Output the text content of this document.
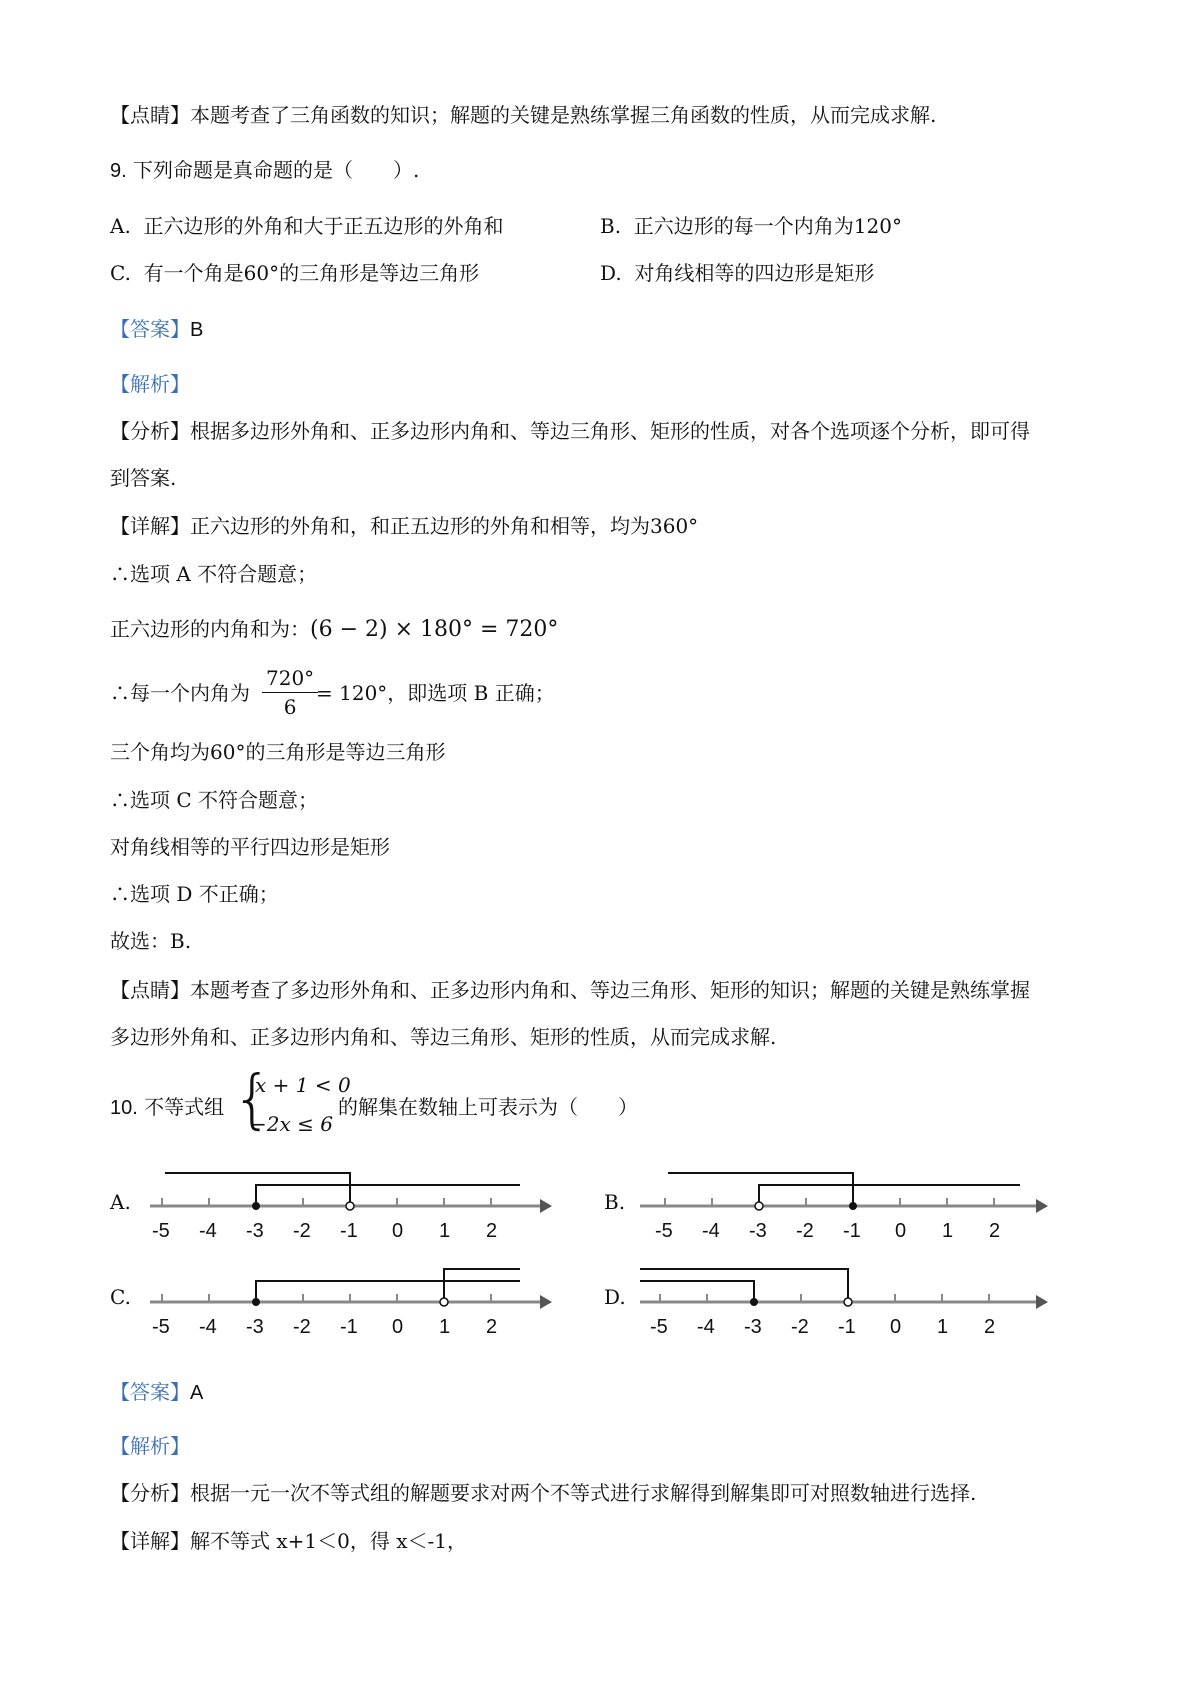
【点睛】本题考查了三角函数的知识；解题的关键是熟练掌握三角函数的性质，从而完成求解.
9. 下列命题是真命题的是（　　）.
A. 正六边形的外角和大于正五边形的外角和	B. 正六边形的每一个内角为120°
C. 有一个角是60°的三角形是等边三角形	D. 对角线相等的四边形是矩形
【答案】B
【解析】
【分析】根据多边形外角和、正多边形内角和、等边三角形、矩形的性质，对各个选项逐个分析，即可得
到答案.
【详解】正六边形的外角和，和正五边形的外角和相等，均为360°
∴选项 A 不符合题意；
正六边形的内角和为：(6 − 2) × 180° = 720°
∴每一个内角为 $\frac{720^\circ}{6}$
= 120°，即选项 B 正确；
三个角均为60°的三角形是等边三角形
∴选项 C 不符合题意；
对角线相等的平行四边形是矩形
∴选项 D 不正确；
故选：B.
【点睛】本题考查了多边形外角和、正多边形内角和、等边三角形、矩形的知识；解题的关键是熟练掌握
多边形外角和、正多边形内角和、等边三角形、矩形的性质，从而完成求解.
10. 不等式组 {
x + 1 < 0
−2x ≤ 6
的解集在数轴上可表示为（　　）
A.	B.
C.	D.
-5 -4 -3 -2 -1 0 1 2	-5 -4 -3 -2 -1 0 1 2
-5 -4 -3 -2 -1 0 1 2	-5 -4 -3 -2 -1 0 1 2
【答案】A
【解析】
【分析】根据一元一次不等式组的解题要求对两个不等式进行求解得到解集即可对照数轴进行选择.
【详解】解不等式 x+1＜0，得 x＜-1，
